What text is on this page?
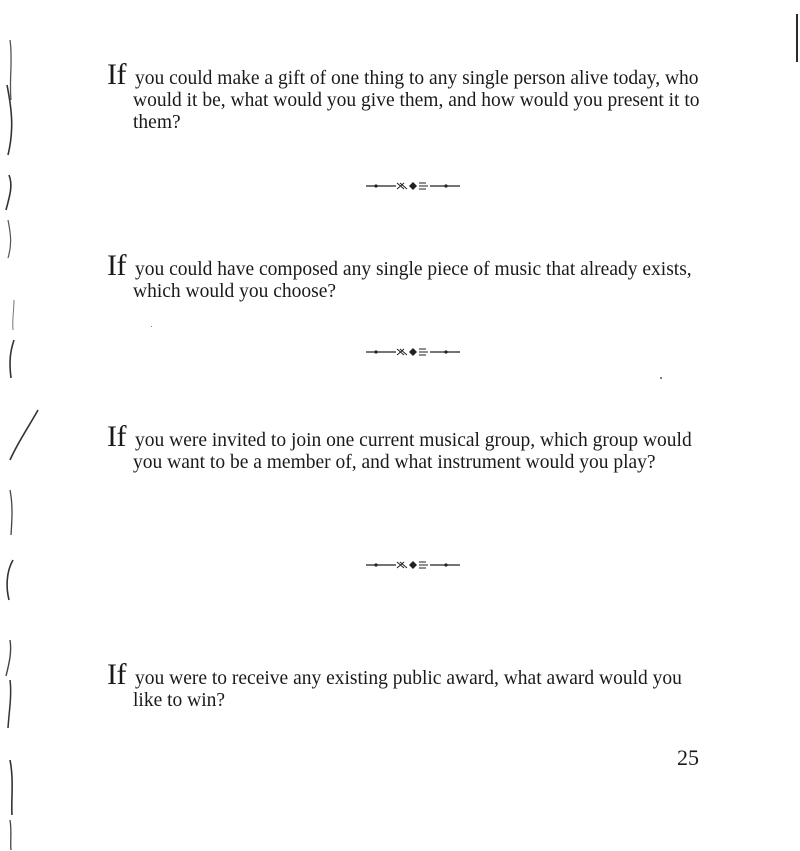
If you could make a gift of one thing to any single person alive today, who would it be, what would you give them, and how would you present it to them?

If you could have composed any single piece of music that already exists, which would you choose?

If you were invited to join one current musical group, which group would you want to be a member of, and what instrument would you play?

If you were to receive any existing public award, what award would you like to win?

25
